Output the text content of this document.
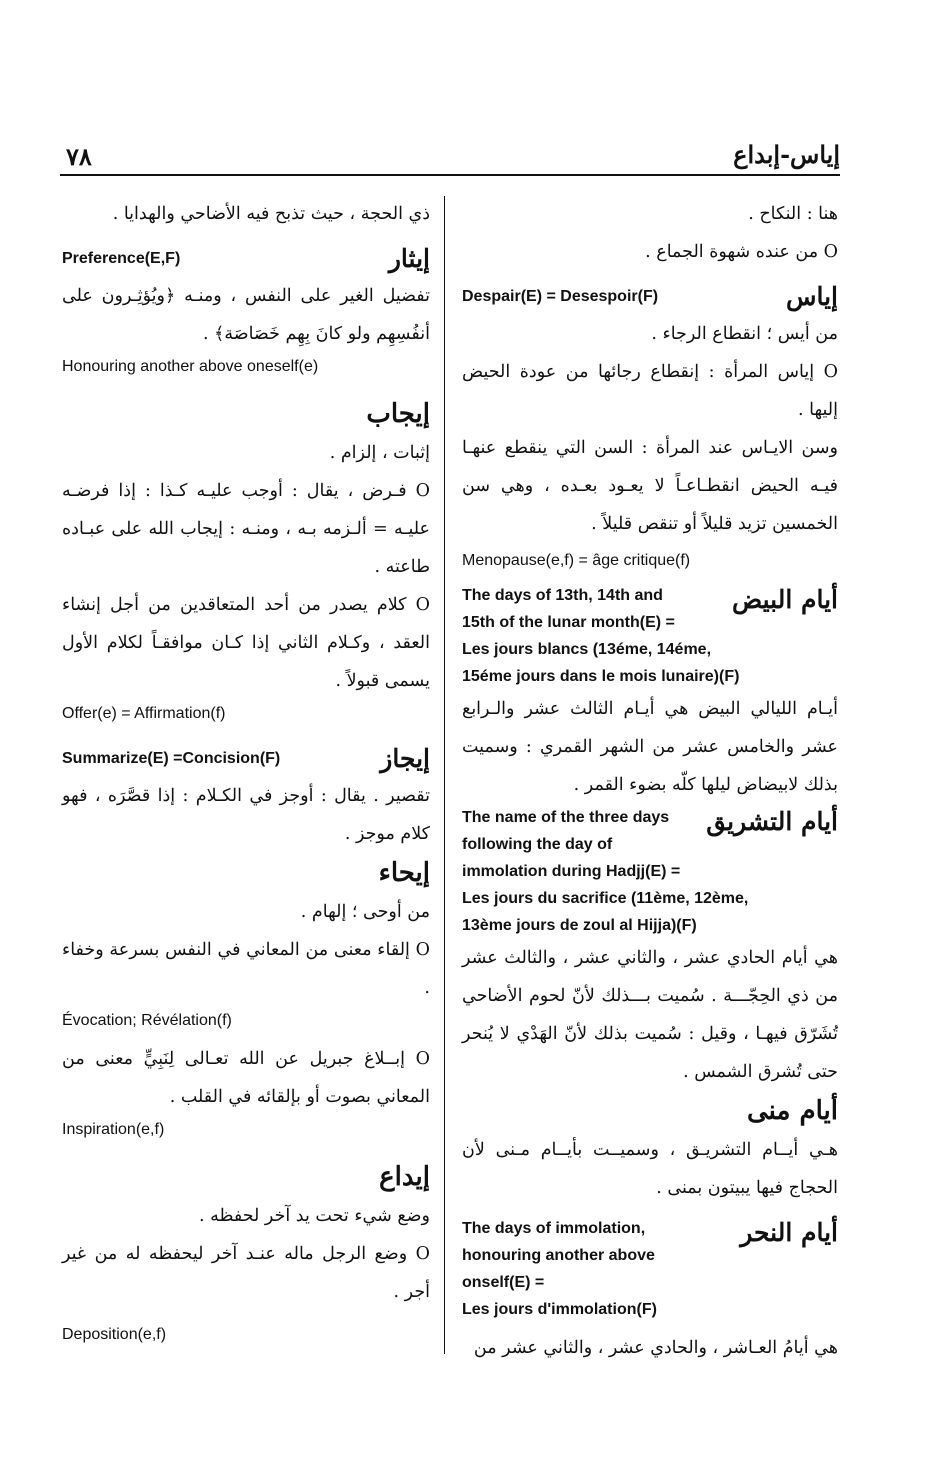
٧٨	إياس-إبداع

هنا : النكاح .

O من عنده شهوة الجماع .

إياس

Despair(E) = Desespoir(F)

من أيس ؛ انقطاع الرجاء .

O إياس المرأة : إنقطاع رجائها من عودة الحيض إليها .

وسن الايـاس عند المرأة : السن التي ينقطع عنهـا فيـه الحيض انقطـاعـاً لا يعـود بعـده ، وهي سن الخمسين تزيد قليلاً أو تنقص قليلاً .

Menopause(e,f) = âge critique(f)

أيام البيض

The days of 13th, 14th and

15th of the lunar month(E) =

Les jours blancs (13éme, 14éme,

15éme jours dans le mois lunaire)(F)

أيـام الليالي البيض هي أيـام الثالث عشر والـرابع عشر والخامس عشر من الشهر القمري : وسميت بذلك لابيضاض ليلها كلّه بضوء القمر .

أيام التشريق

The name of the three days

following the day of

immolation during Hadjj(E) =

Les jours du sacrifice (11ème, 12ème,

13ème jours de zoul al Hijja)(F)

هي أيام الحادي عشر ، والثاني عشر ، والثالث عشر من ذي الحِجّـــة . سُميت بـــذلك لأنّ لحوم الأضاحي تُشَرّق فيهـا ، وقيل : سُميت بذلك لأنّ الهَدْي لا يُنحر حتى تُشرق الشمس .

أيام منى

هـي أيــام التشريـق ، وسميــت بأيــام مـنى لأن الحجاج فيها يبيتون بمنى .

أيام النحر

The days of immolation,

honouring another above

onself(E) =

Les jours d'immolation(F)

هي أيامُ العـاشر ، والحادي عشر ، والثاني عشر من

ذي الحجة ، حيث تذبح فيه الأضاحي والهدايا .

إيثار

Preference(E,F)

تفضيل الغير على النفس ، ومنـه ﴿ويُؤثِـرون على أنفُسِهِم ولو كانَ بِهِم خَصَاصَة﴾ .

Honouring another above oneself(e)

إيجاب

إثبات ، إلزام .

O فـرض ، يقال : أوجب عليـه كـذا : إذا فرضـه عليـه = ألـزمه بـه ، ومنـه : إيجاب الله على عبـاده طاعته .

O كلام يصدر من أحد المتعاقدين من أجل إنشاء العقد ، وكـلام الثاني إذا كـان موافقـاً لكلام الأول يسمى قبولاً .

Offer(e) = Affirmation(f)

إيجاز

Summarize(E) =Concision(F)

تقصير . يقال : أوجز في الكـلام : إذا قصَّرَه ، فهو كلام موجز .

إيحاء

من أوحى ؛ إلهام .

O إلقاء معنى من المعاني في النفس بسرعة وخفاء .

Évocation; Révélation(f)

O إبــلاغ جبريل عن الله تعـالى لِنَبِيٍّ معنى من المعاني بصوت أو بإلقائه في القلب .

Inspiration(e,f)

إيداع

وضع شيء تحت يد آخر لحفظه .

O وضع الرجل ماله عنـد آخر ليحفظه له من غير أجر .

Deposition(e,f)
